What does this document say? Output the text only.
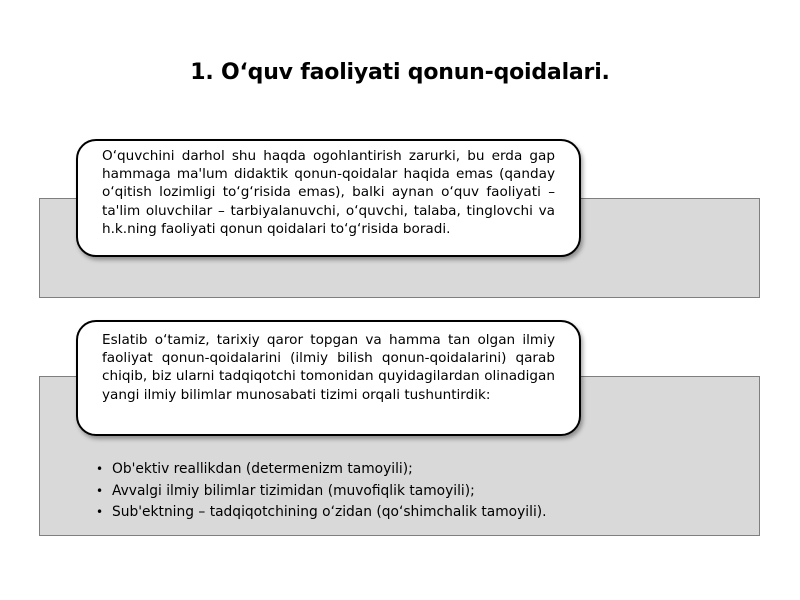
1. O‘quv faoliyati qonun-qoidalari.
O‘quvchini darhol shu haqda ogohlantirish zarurki, bu erda gap hammaga ma'lum didaktik qonun-qoidalar haqida emas (qanday o‘qitish lozimligi to‘g‘risida emas), balki aynan o‘quv faoliyati – ta'lim oluvchilar – tarbiyalanuvchi, o‘quvchi, talaba, tinglovchi va h.k.ning faoliyati qonun qoidalari to‘g‘risida boradi.
Eslatib o‘tamiz, tarixiy qaror topgan va hamma tan olgan ilmiy faoliyat qonun-qoidalarini (ilmiy bilish qonun-qoidalarini) qarab chiqib, biz ularni tadqiqotchi tomonidan quyidagilardan olinadigan yangi ilmiy bilimlar munosabati tizimi orqali tushuntirdik:
• Ob'ektiv reallikdan (determenizm tamoyili);
• Avvalgi ilmiy bilimlar tizimidan (muvofiqlik tamoyili);
• Sub'ektning – tadqiqotchining o‘zidan (qo‘shimchalik tamoyili).
